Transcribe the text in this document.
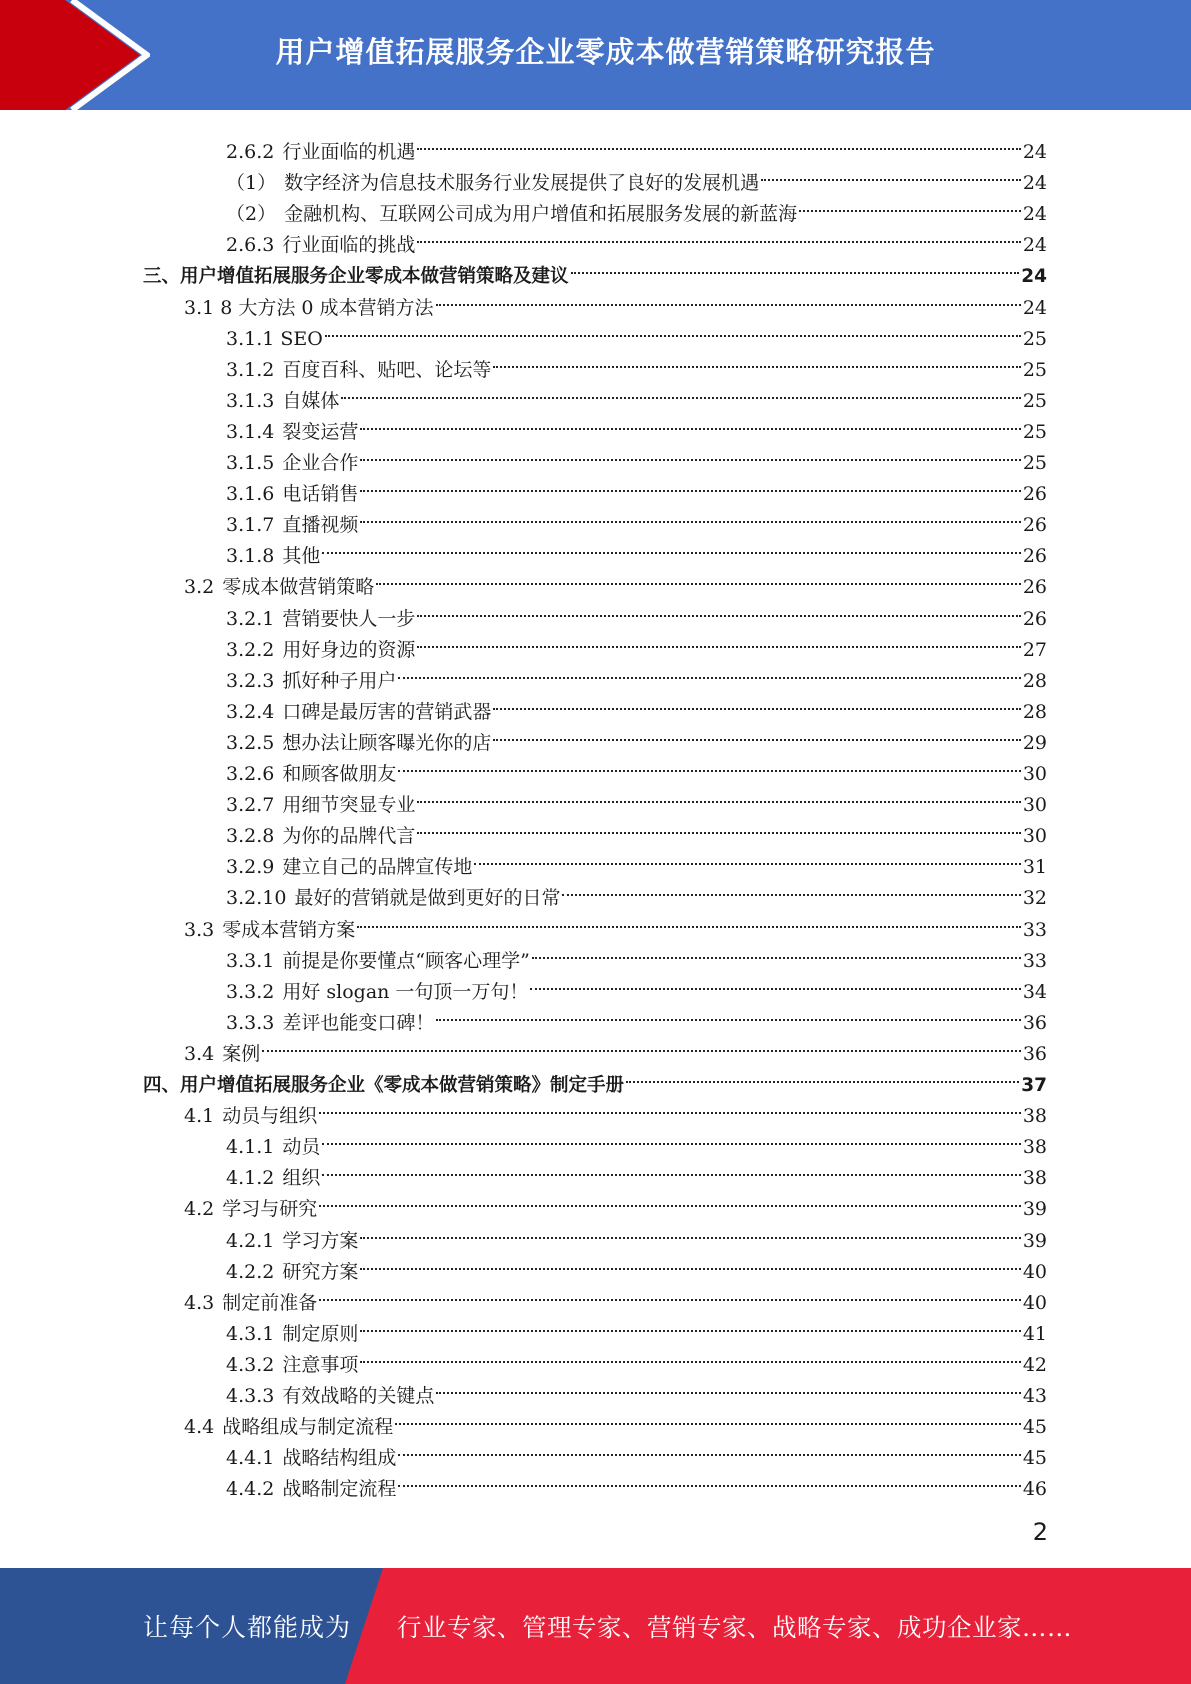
用户增值拓展服务企业零成本做营销策略研究报告
2.6.2 行业面临的机遇	24
（1） 数字经济为信息技术服务行业发展提供了良好的发展机遇	24
（2） 金融机构、互联网公司成为用户增值和拓展服务发展的新蓝海	24
2.6.3 行业面临的挑战	24
三、用户增值拓展服务企业零成本做营销策略及建议	24
3.1 8 大方法 0 成本营销方法	24
3.1.1 SEO	25
3.1.2 百度百科、贴吧、论坛等	25
3.1.3 自媒体	25
3.1.4 裂变运营	25
3.1.5 企业合作	25
3.1.6 电话销售	26
3.1.7 直播视频	26
3.1.8 其他	26
3.2 零成本做营销策略	26
3.2.1 营销要快人一步	26
3.2.2 用好身边的资源	27
3.2.3 抓好种子用户	28
3.2.4 口碑是最厉害的营销武器	28
3.2.5 想办法让顾客曝光你的店	29
3.2.6 和顾客做朋友	30
3.2.7 用细节突显专业	30
3.2.8 为你的品牌代言	30
3.2.9 建立自己的品牌宣传地	31
3.2.10 最好的营销就是做到更好的日常	32
3.3 零成本营销方案	33
3.3.1 前提是你要懂点“顾客心理学”	33
3.3.2 用好 slogan 一句顶一万句！	34
3.3.3 差评也能变口碑！	36
3.4 案例	36
四、用户增值拓展服务企业《零成本做营销策略》制定手册	37
4.1 动员与组织	38
4.1.1 动员	38
4.1.2 组织	38
4.2 学习与研究	39
4.2.1 学习方案	39
4.2.2 研究方案	40
4.3 制定前准备	40
4.3.1 制定原则	41
4.3.2 注意事项	42
4.3.3 有效战略的关键点	43
4.4 战略组成与制定流程	45
4.4.1 战略结构组成	45
4.4.2 战略制定流程	46
2
让每个人都能成为 行业专家、管理专家、营销专家、战略专家、成功企业家……
